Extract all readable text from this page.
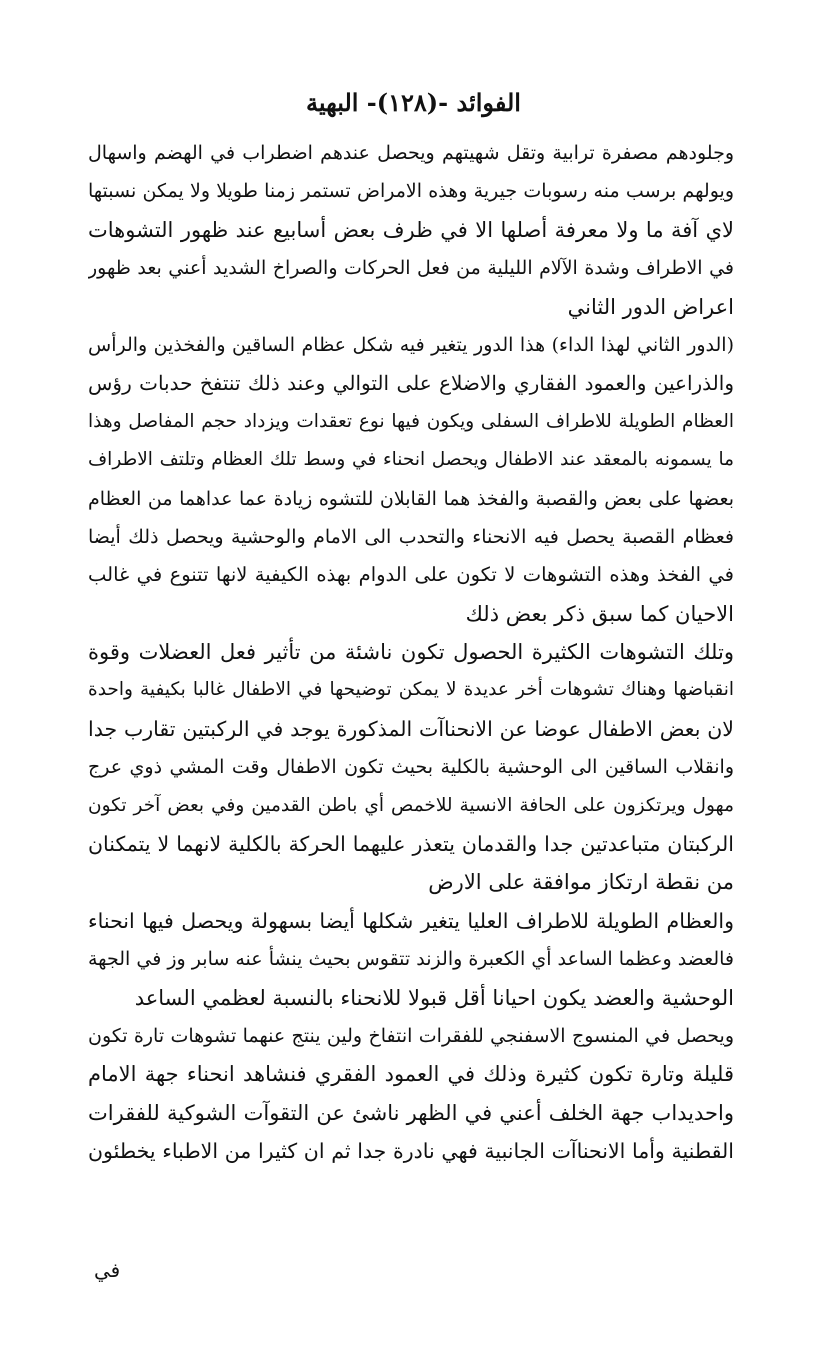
الفوائد -(١٢٨)- البهية
وجلودهم مصفرة ترابية وتقل شهيتهم ويحصل عندهم اضطراب في الهضم واسهال
ويولهم برسب منه رسوبات جيرية وهذه الامراض تستمر زمنا طويلا ولا يمكن نسبتها
لاي آفة ما ولا معرفة أصلها الا في ظرف بعض أسابيع عند ظهور التشوهات
في الاطراف وشدة الآلام الليلية من فعل الحركات والصراخ الشديد أعني بعد ظهور
اعراض الدور الثاني
(الدور الثاني لهذا الداء) هذا الدور يتغير فيه شكل عظام الساقين والفخذين والرأس
والذراعين والعمود الفقاري والاضلاع على التوالي وعند ذلك تنتفخ حدبات رؤس
العظام الطويلة للاطراف السفلى ويكون فيها نوع تعقدات ويزداد حجم المفاصل وهذا
ما يسمونه بالمعقد عند الاطفال ويحصل انحناء في وسط تلك العظام وتلتف الاطراف
بعضها على بعض والقصبة والفخذ هما القابلان للتشوه زيادة عما عداهما من العظام
فعظام القصبة يحصل فيه الانحناء والتحدب الى الامام والوحشية ويحصل ذلك أيضا
في الفخذ وهذه التشوهات لا تكون على الدوام بهذه الكيفية لانها تتنوع في غالب
الاحيان كما سبق ذكر بعض ذلك
وتلك التشوهات الكثيرة الحصول تكون ناشئة من تأثير فعل العضلات وقوة
انقباضها وهناك تشوهات أخر عديدة لا يمكن توضيحها في الاطفال غالبا بكيفية واحدة
لان بعض الاطفال عوضا عن الانحناآت المذكورة يوجد في الركبتين تقارب جدا
وانقلاب الساقين الى الوحشية بالكلية بحيث تكون الاطفال وقت المشي ذوي عرج
مهول ويرتكزون على الحافة الانسية للاخمص أي باطن القدمين وفي بعض آخر تكون
الركبتان متباعدتين جدا والقدمان يتعذر عليهما الحركة بالكلية لانهما لا يتمكنان
من نقطة ارتكاز موافقة على الارض
والعظام الطويلة للاطراف العليا يتغير شكلها أيضا بسهولة ويحصل فيها انحناء
فالعضد وعظما الساعد أي الكعبرة والزند تتقوس بحيث ينشأ عنه سابر وز في الجهة
الوحشية والعضد يكون احيانا أقل قبولا للانحناء بالنسبة لعظمي الساعد
ويحصل في المنسوج الاسفنجي للفقرات انتفاخ ولين ينتج عنهما تشوهات تارة تكون
قليلة وتارة تكون كثيرة وذلك في العمود الفقري فنشاهد انحناء جهة الامام
واحديداب جهة الخلف أعني في الظهر ناشئ عن التقوآت الشوكية للفقرات
القطنية وأما الانحناآت الجانبية فهي نادرة جدا ثم ان كثيرا من الاطباء يخطئون
في
